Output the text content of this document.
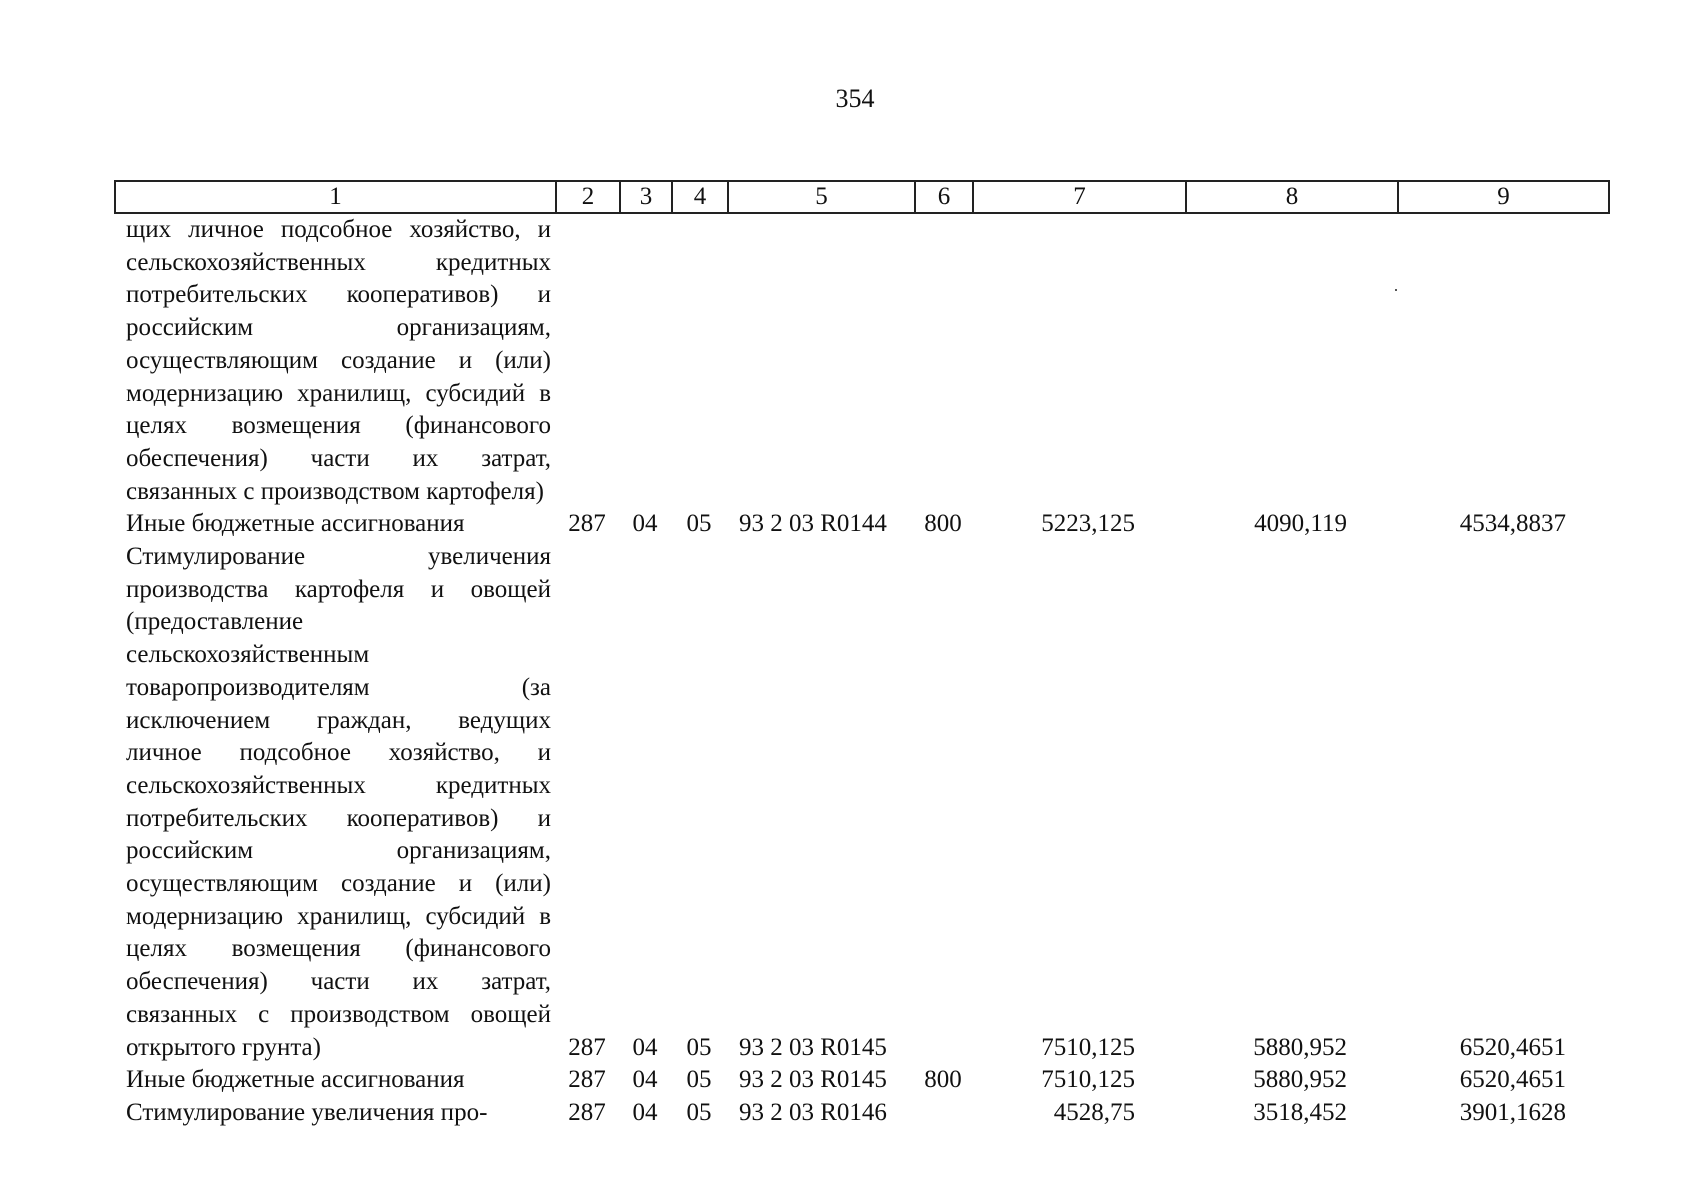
354
1	2	3	4	5	6	7	8	9
щих личное подсобное хозяйство, и сельскохозяйственных кредитных потребительских кооперативов) и российским организациям, осуществляющим создание и (или) модернизацию хранилищ, субсидий в целях возмещения (финансового обеспечения) части их затрат, связанных с производством картофеля)								
Иные бюджетные ассигнования	287	04	05	93 2 03 R0144	800	5223,125	4090,119	4534,8837
Стимулирование увеличения производства картофеля и овощей (предоставление сельскохозяйственным товаропроизводителям (за исключением граждан, ведущих личное подсобное хозяйство, и сельскохозяйственных кредитных потребительских кооперативов) и российским организациям, осуществляющим создание и (или) модернизацию хранилищ, субсидий в целях возмещения (финансового обеспечения) части их затрат, связанных с производством овощей открытого грунта)	287	04	05	93 2 03 R0145		7510,125	5880,952	6520,4651
Иные бюджетные ассигнования	287	04	05	93 2 03 R0145	800	7510,125	5880,952	6520,4651
Стимулирование увеличения про-	287	04	05	93 2 03 R0146		4528,75	3518,452	3901,1628
